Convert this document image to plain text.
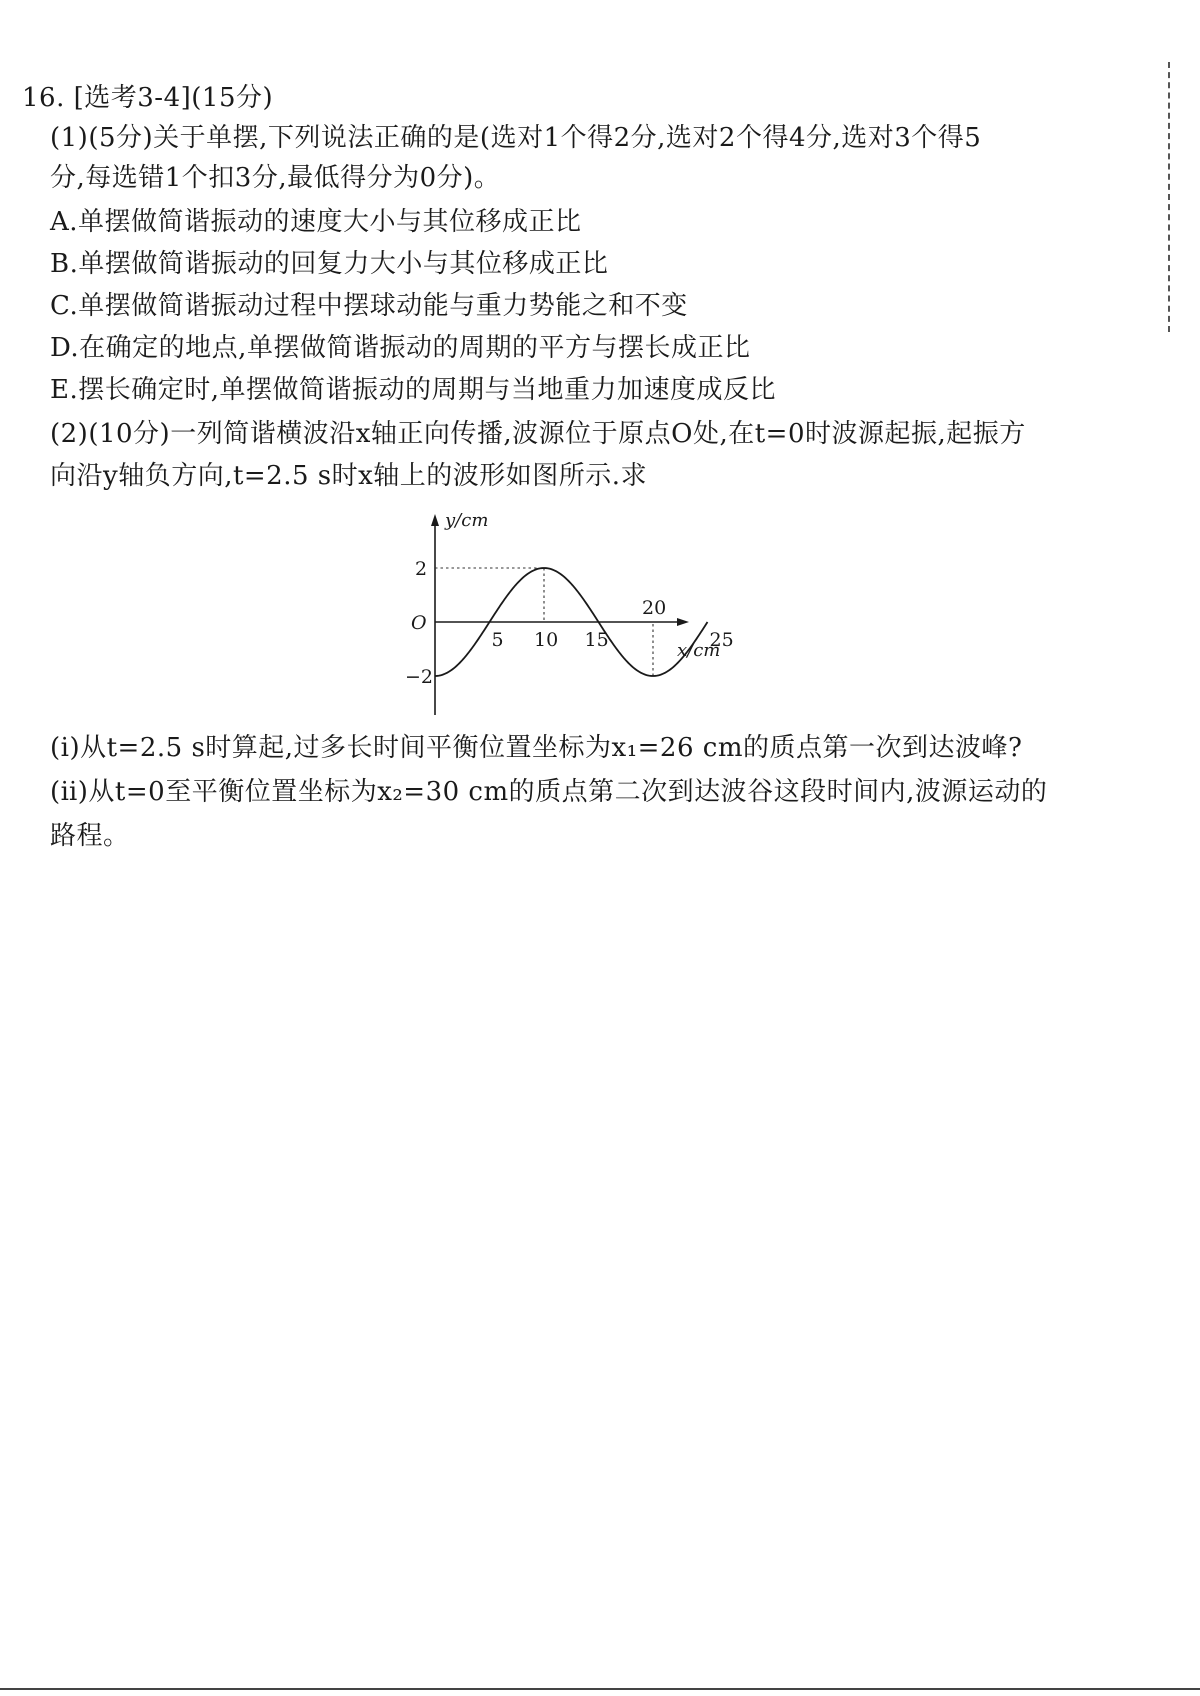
16. [选考3-4](15分)
(1)(5分)关于单摆,下列说法正确的是(选对1个得2分,选对2个得4分,选对3个得5
分,每选错1个扣3分,最低得分为0分)。
A.单摆做简谐振动的速度大小与其位移成正比
B.单摆做简谐振动的回复力大小与其位移成正比
C.单摆做简谐振动过程中摆球动能与重力势能之和不变
D.在确定的地点,单摆做简谐振动的周期的平方与摆长成正比
E.摆长确定时,单摆做简谐振动的周期与当地重力加速度成反比
(2)(10分)一列简谐横波沿x轴正向传播,波源位于原点O处,在t=0时波源起振,起振方
向沿y轴负方向,t=2.5 s时x轴上的波形如图所示.求
y/cm
x/cm
O
2
−2
5 10 15
20
25
(ⅰ)从t=2.5 s时算起,过多长时间平衡位置坐标为x₁=26 cm的质点第一次到达波峰?
(ⅱ)从t=0至平衡位置坐标为x₂=30 cm的质点第二次到达波谷这段时间内,波源运动的
路程。
